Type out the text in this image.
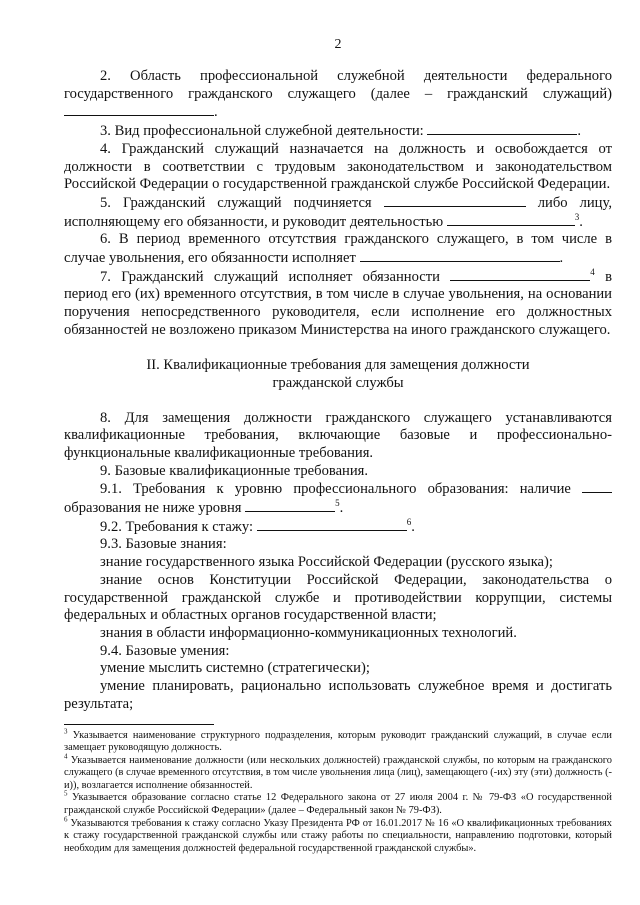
2

2. Область профессиональной служебной деятельности федерального государственного гражданского служащего (далее – гражданский служащий) .

3. Вид профессиональной служебной деятельности:	.

4. Гражданский служащий назначается на должность и освобождается от должности в соответствии с трудовым законодательством и законодательством Российской Федерации о государственной гражданской службе Российской Федерации.

5. Гражданский служащий подчиняется	либо лицу, исполняющему его обязанности, и руководит деятельностью	$^3$.

6. В период временного отсутствия гражданского служащего, в том числе в случае увольнения, его обязанности исполняет	.

7. Гражданский служащий исполняет обязанности	$^4$ в период его (их) временного отсутствия, в том числе в случае увольнения, на основании поручения непосредственного руководителя, если исполнение его должностных обязанностей не возложено приказом Министерства на иного гражданского служащего.

II. Квалификационные требования для замещения должности
гражданской службы

8. Для замещения должности гражданского служащего устанавливаются квалификационные требования, включающие базовые и профессионально-функциональные квалификационные требования.

9. Базовые квалификационные требования.

9.1. Требования к уровню профессионального образования: наличие  образования не ниже уровня	$^5$.

9.2. Требования к стажу:	$^6$.

9.3. Базовые знания:

знание государственного языка Российской Федерации (русского языка);

знание основ Конституции Российской Федерации, законодательства о государственной гражданской службе и противодействии коррупции, системы федеральных и областных органов государственной власти;

знания в области информационно-коммуникационных технологий.

9.4. Базовые умения:

умение мыслить системно (стратегически);

умение планировать, рационально использовать служебное время и достигать результата;

$^3$ Указывается наименование структурного подразделения, которым руководит гражданский служащий, в случае если замещает руководящую должность.

$^4$ Указывается наименование должности (или нескольких должностей) гражданской службы, по которым на гражданского служащего (в случае временного отсутствия, в том числе увольнения лица (лиц), замещающего (-их) эту (эти) должность (-и)), возлагается исполнение обязанностей.

$^5$ Указывается образование согласно статье 12 Федерального закона от 27 июля 2004 г. № 79-ФЗ «О государственной гражданской службе Российской Федерации» (далее – Федеральный закон № 79-ФЗ).

$^6$ Указываются требования к стажу согласно Указу Президента РФ от 16.01.2017 № 16 «О квалификационных требованиях к стажу государственной гражданской службы или стажу работы по специальности, направлению подготовки, который необходим для замещения должностей федеральной государственной гражданской службы».
